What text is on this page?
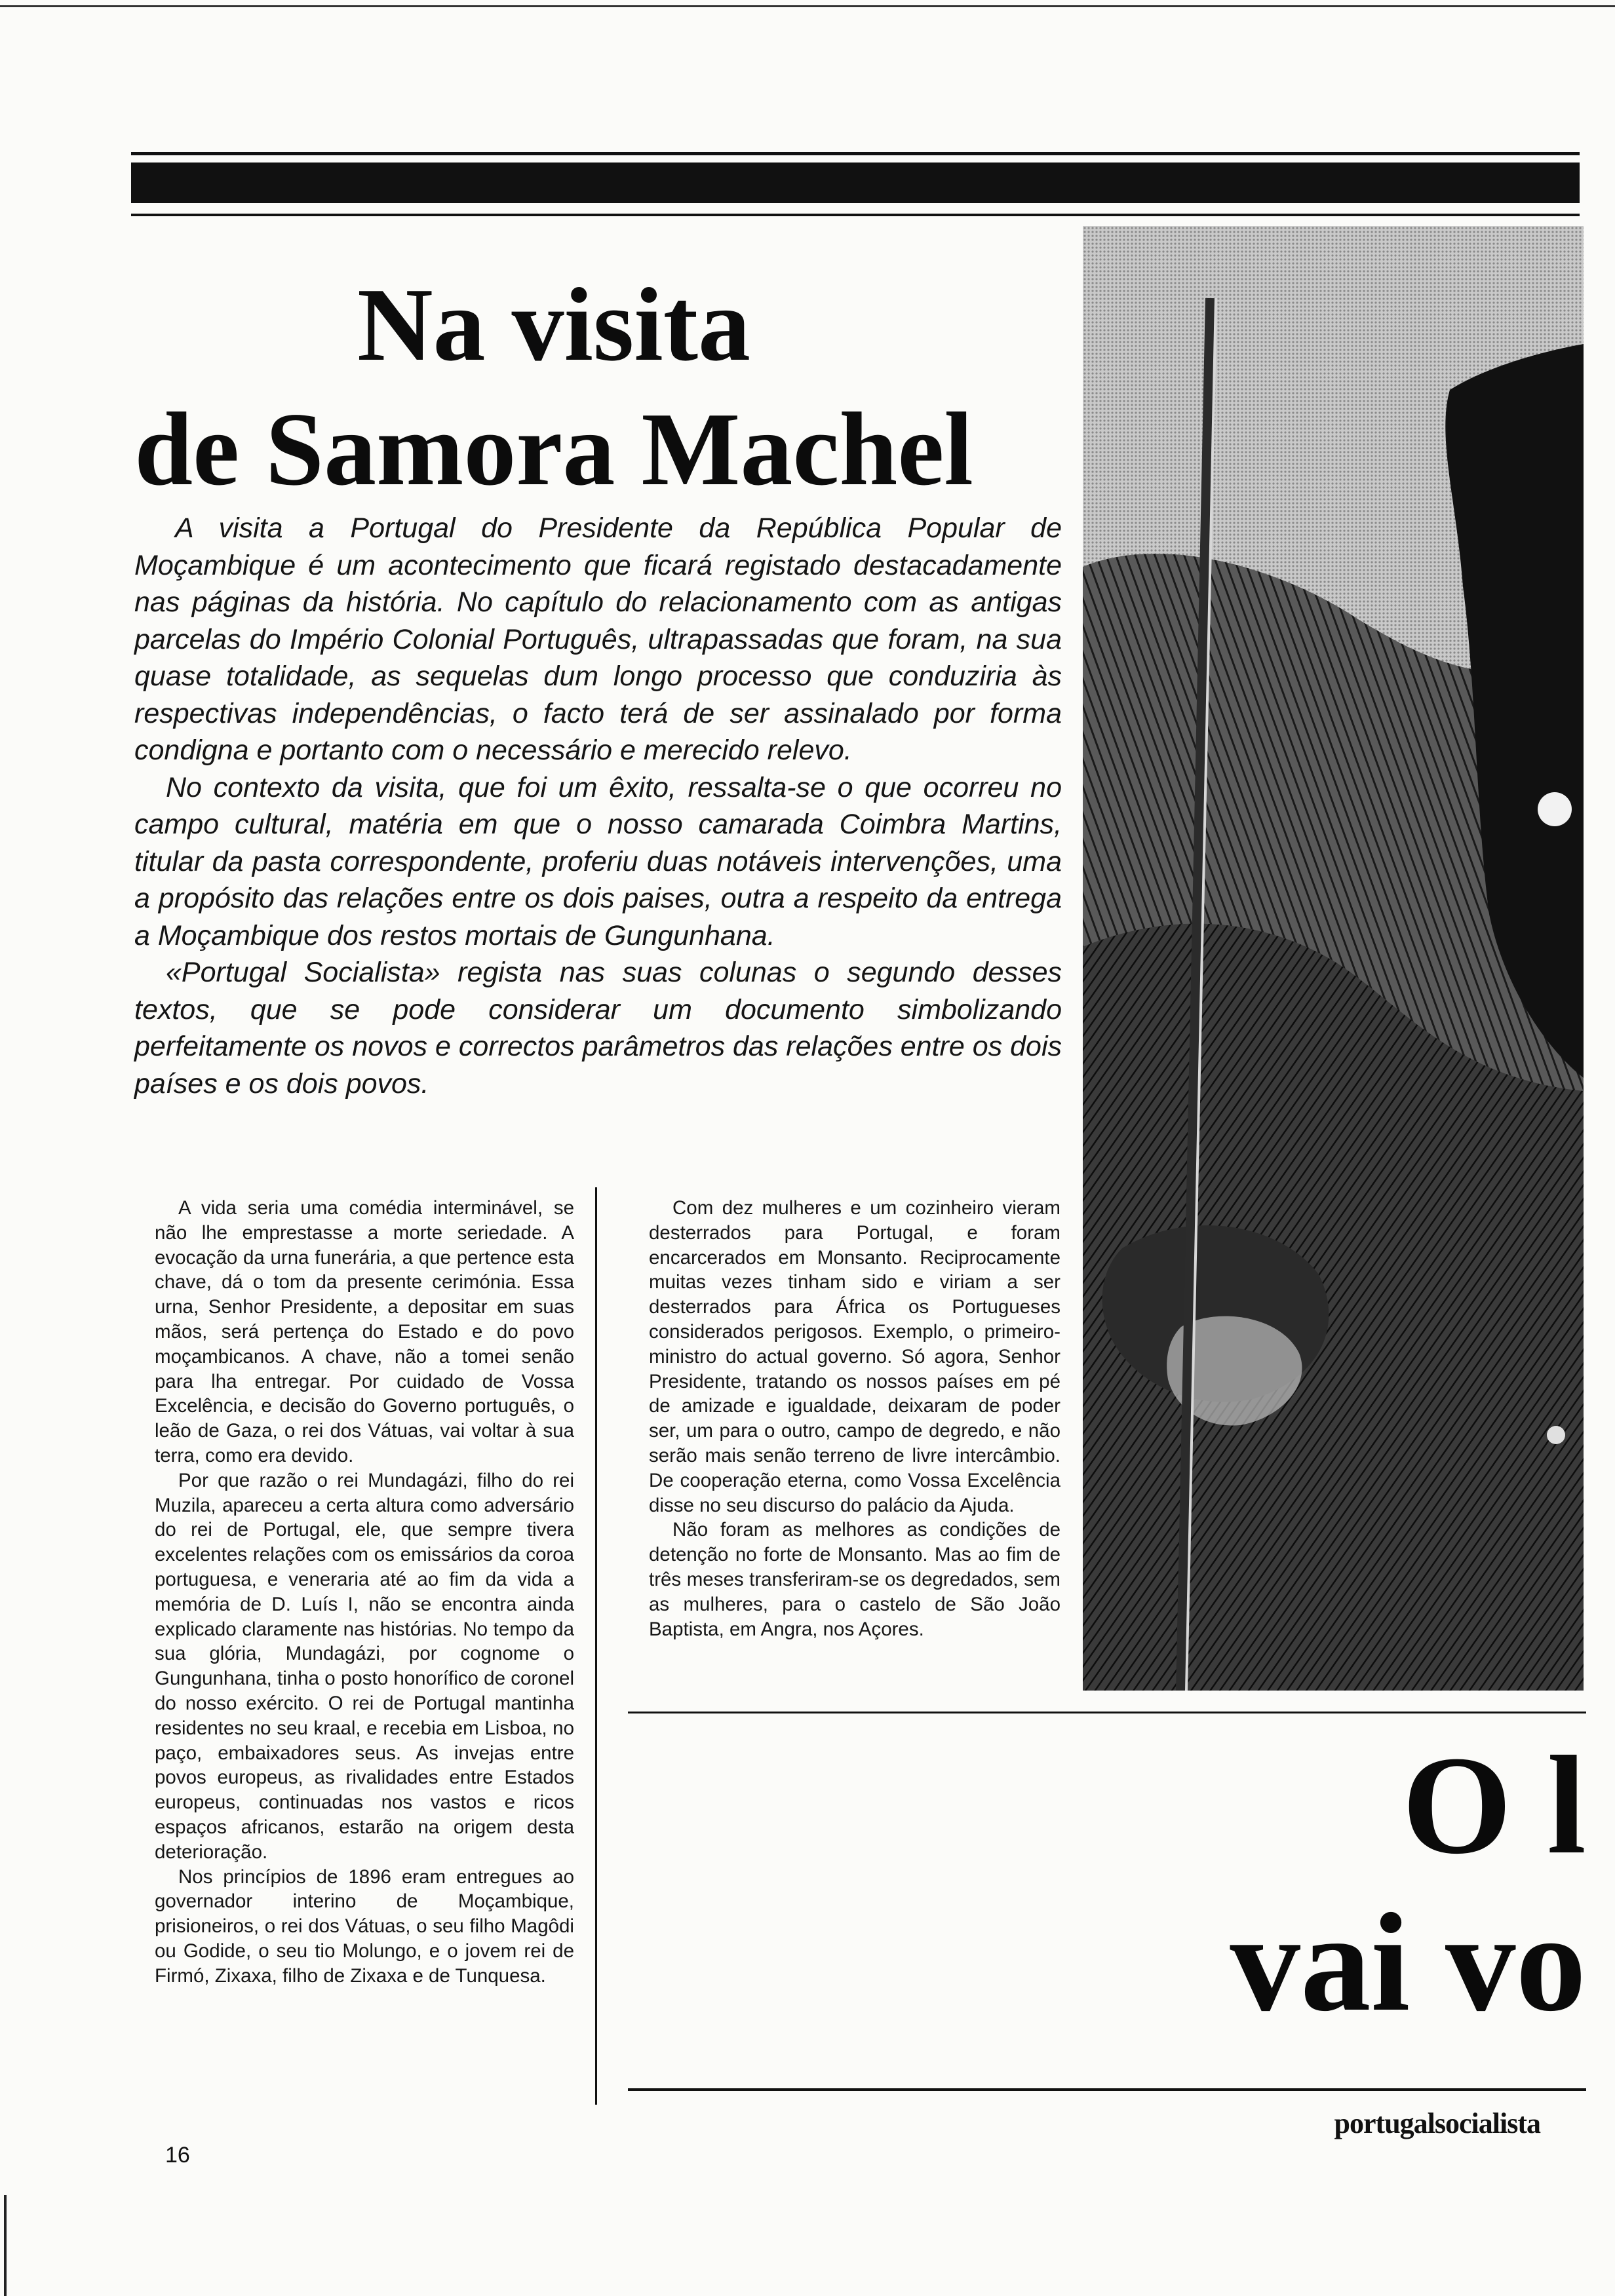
Na visita
de Samora Machel

A visita a Portugal do Presidente da República Popular de Moçambique é um acontecimento que ficará registado destacadamente nas páginas da história. No capítulo do relacionamento com as antigas parcelas do Império Colonial Português, ultrapassadas que foram, na sua quase totalidade, as sequelas dum longo processo que conduziria às respectivas independências, o facto terá de ser assinalado por forma condigna e portanto com o necessário e merecido relevo.

No contexto da visita, que foi um êxito, ressalta-se o que ocorreu no campo cultural, matéria em que o nosso camarada Coimbra Martins, titular da pasta correspondente, proferiu duas notáveis intervenções, uma a propósito das relações entre os dois paises, outra a respeito da entrega a Moçambique dos restos mortais de Gungunhana.

«Portugal Socialista» regista nas suas colunas o segundo desses textos, que se pode considerar um documento simbolizando perfeitamente os novos e correctos parâmetros das relações entre os dois países e os dois povos.

A vida seria uma comédia interminável, se não lhe emprestasse a morte seriedade. A evocação da urna funerária, a que pertence esta chave, dá o tom da presente cerimónia. Essa urna, Senhor Presidente, a depositar em suas mãos, será pertença do Estado e do povo moçambicanos. A chave, não a tomei senão para lha entregar. Por cuidado de Vossa Excelência, e decisão do Governo português, o leão de Gaza, o rei dos Vátuas, vai voltar à sua terra, como era devido.

Por que razão o rei Mundagázi, filho do rei Muzila, apareceu a certa altura como adversário do rei de Portugal, ele, que sempre tivera excelentes relações com os emissários da coroa portuguesa, e veneraria até ao fim da vida a memória de D. Luís I, não se encontra ainda explicado claramente nas histórias. No tempo da sua glória, Mundagázi, por cognome o Gungunhana, tinha o posto honorífico de coronel do nosso exército. O rei de Portugal mantinha residentes no seu kraal, e recebia em Lisboa, no paço, embaixadores seus. As invejas entre povos europeus, as rivalidades entre Estados europeus, continuadas nos vastos e ricos espaços africanos, estarão na origem desta deterioração.

Nos princípios de 1896 eram entregues ao governador interino de Moçambique, prisioneiros, o rei dos Vátuas, o seu filho Magôdi ou Godide, o seu tio Molungo, e o jovem rei de Firmó, Zixaxa, filho de Zixaxa e de Tunquesa.

Com dez mulheres e um cozinheiro vieram desterrados para Portugal, e foram encarcerados em Monsanto. Reciprocamente muitas vezes tinham sido e viriam a ser desterrados para África os Portugueses considerados perigosos. Exemplo, o primeiro-ministro do actual governo. Só agora, Senhor Presidente, tratando os nossos países em pé de amizade e igualdade, deixaram de poder ser, um para o outro, campo de degredo, e não serão mais senão terreno de livre intercâmbio. De cooperação eterna, como Vossa Excelência disse no seu discurso do palácio da Ajuda.

Não foram as melhores as condições de detenção no forte de Monsanto. Mas ao fim de três meses transferiram-se os degredados, sem as mulheres, para o castelo de São João Baptista, em Angra, nos Açores.

O l
vai vo
portugalsocialista
16
